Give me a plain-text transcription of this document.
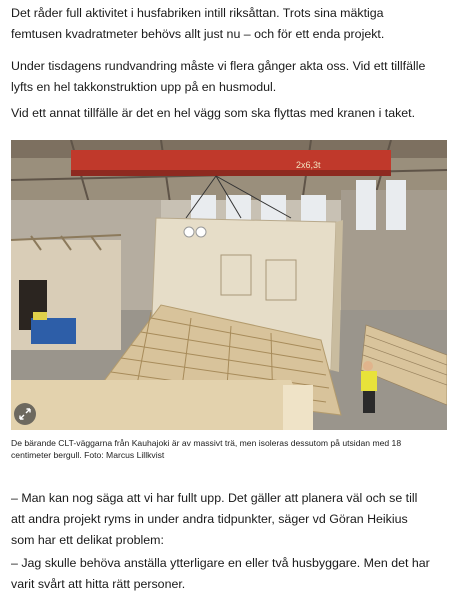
Det råder full aktivitet i husfabriken intill riksåttan. Trots sina mäktiga femtusen kvadratmeter behövs allt just nu – och för ett enda projekt.

Under tisdagens rundvandring måste vi flera gånger akta oss. Vid ett tillfälle lyfts en hel takkonstruktion upp på en husmodul.

Vid ett annat tillfälle är det en hel vägg som ska flyttas med kranen i taket.

2x6,3t

De bärande CLT-väggarna från Kauhajoki är av massivt trä, men isoleras dessutom på utsidan med 18 centimeter bergull. Foto: Marcus Lillkvist

– Man kan nog säga att vi har fullt upp. Det gäller att planera väl och se till att andra projekt ryms in under andra tidpunkter, säger vd Göran Heikius som har ett delikat problem:

– Jag skulle behöva anställa ytterligare en eller två husbyggare. Men det har varit svårt att hitta rätt personer.
